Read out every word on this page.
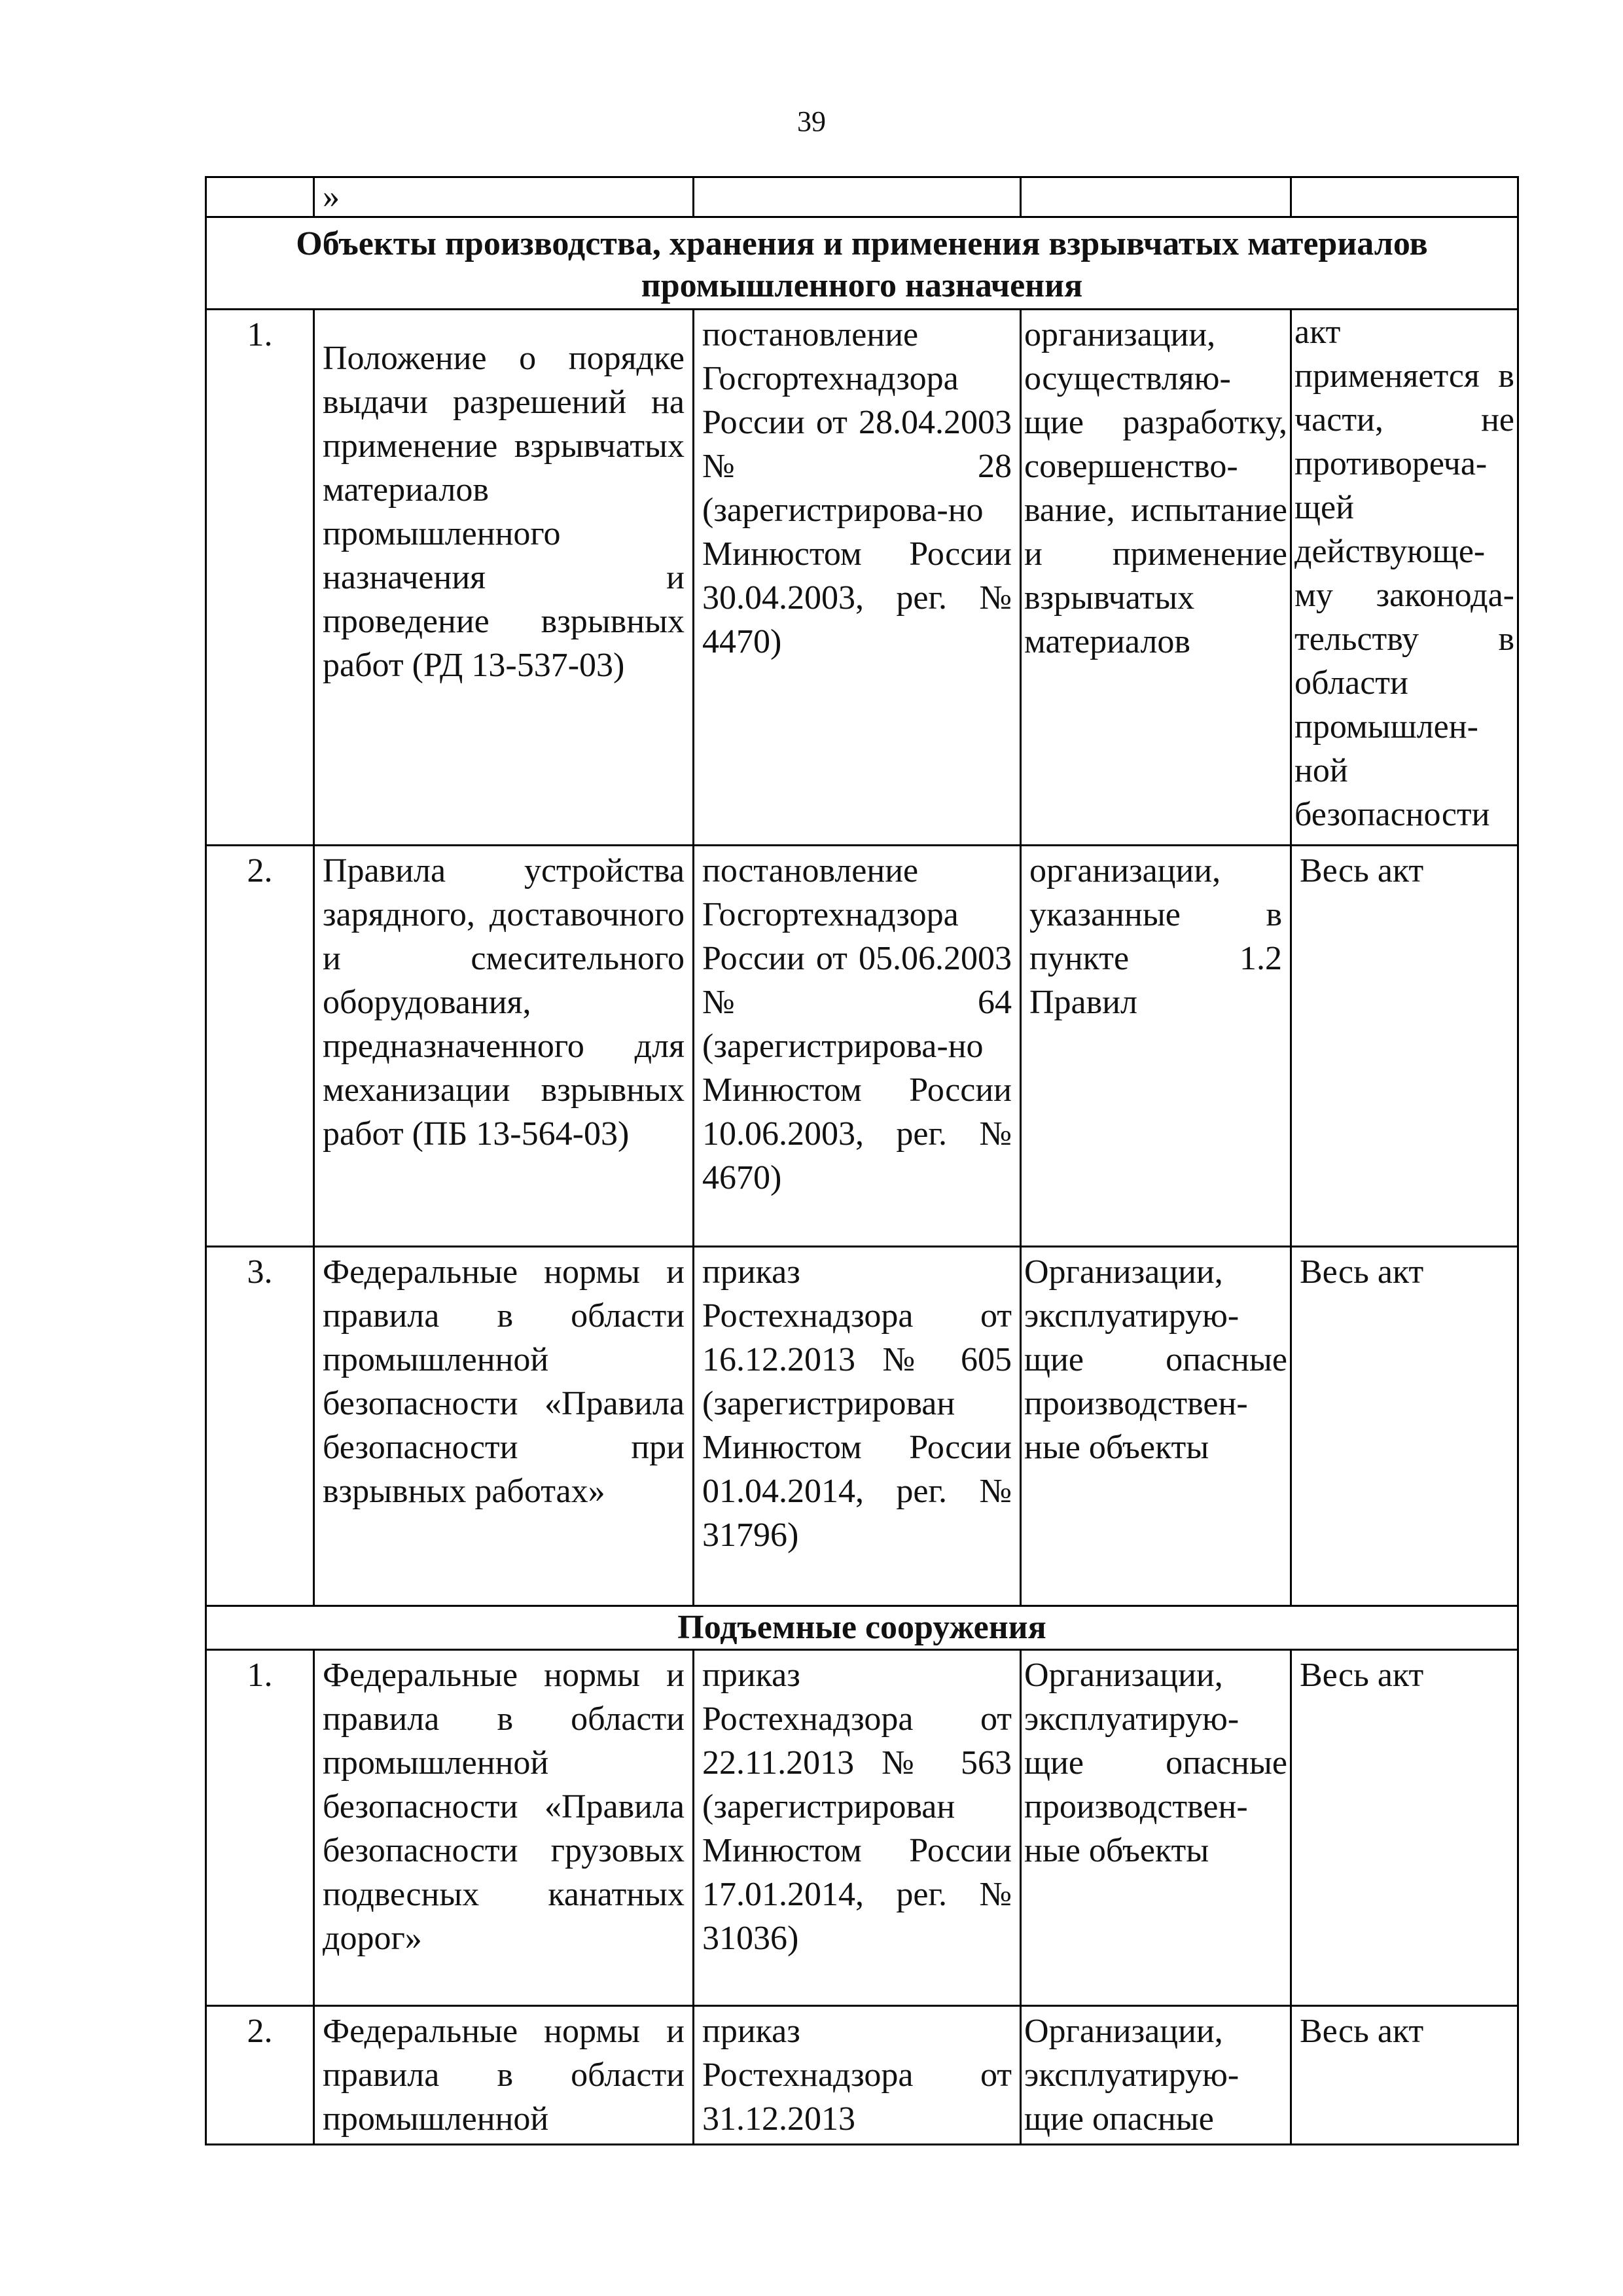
39
	»			
Объекты производства, хранения и применения взрывчатых материалов промышленного назначения				
1.	Положение о порядке выдачи разрешений на применение взрывчатых материалов промышленного назначения и проведение взрывных работ (РД 13-537-03)	постановление Госгортехнадзора России от 28.04.2003 № 28 (зарегистрирова-но Минюстом России 30.04.2003, рег. № 4470)	организации, осуществляю-щие разработку, совершенство-вание, испытание и применение взрывчатых материалов	акт применяется в части, не противореча-щей действующе-му законода-тельству в области промышлен-ной безопасности
2.	Правила устройства зарядного, доставочного и смесительного оборудования, предназначенного для механизации взрывных работ (ПБ 13-564-03)	постановление Госгортехнадзора России от 05.06.2003 № 64 (зарегистрирова-но Минюстом России 10.06.2003, рег. № 4670)	организации, указанные в пункте 1.2 Правил	Весь акт
3.	Федеральные нормы и правила в области промышленной безопасности «Правила безопасности при взрывных работах»	приказ Ростехнадзора от 16.12.2013 № 605 (зарегистрирован Минюстом России 01.04.2014, рег. № 31796)	Организации, эксплуатирую-щие опасные производствен-ные объекты	Весь акт
Подъемные сооружения				
1.	Федеральные нормы и правила в области промышленной безопасности «Правила безопасности грузовых подвесных канатных дорог»	приказ Ростехнадзора от 22.11.2013 № 563 (зарегистрирован Минюстом России 17.01.2014, рег. № 31036)	Организации, эксплуатирую-щие опасные производствен-ные объекты	Весь акт
2.	Федеральные нормы и правила в области промышленной	приказ Ростехнадзора от 31.12.2013	Организации, эксплуатирую-щие опасные	Весь акт
